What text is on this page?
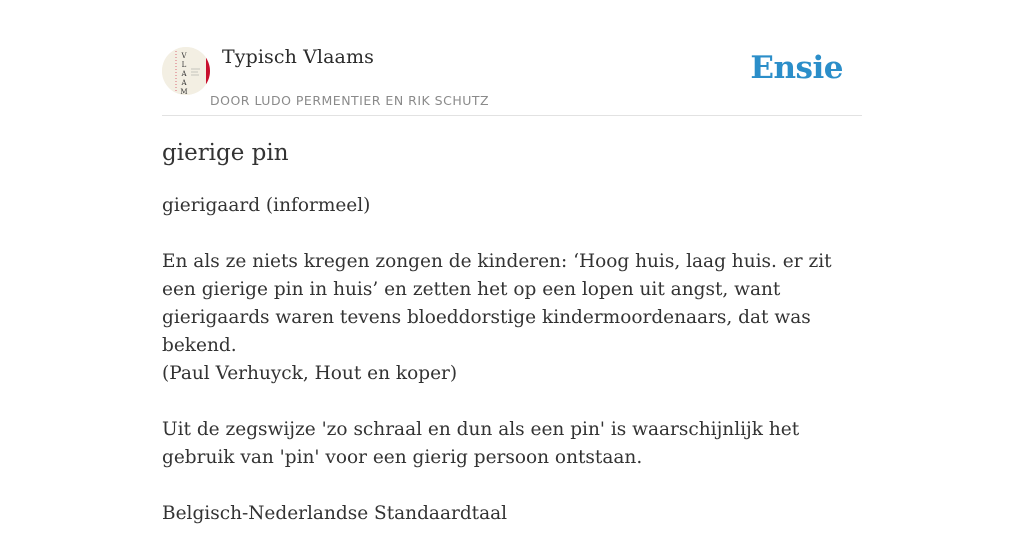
V
L
A
A
M
Typisch Vlaams
DOOR LUDO PERMENTIER EN RIK SCHUTZ
Ensie
gierige pin

gierigaard (informeel)

En als ze niets kregen zongen de kinderen: ‘Hoog huis, laag huis. er zit een gierige pin in huis’ en zetten het op een lopen uit angst, want gierigaards waren tevens bloeddorstige kindermoordenaars, dat was bekend.

(Paul Verhuyck, Hout en koper)

Uit de zegswijze 'zo schraal en dun als een pin' is waarschijnlijk het gebruik van 'pin' voor een gierig persoon ontstaan.

Belgisch-Nederlandse Standaardtaal
